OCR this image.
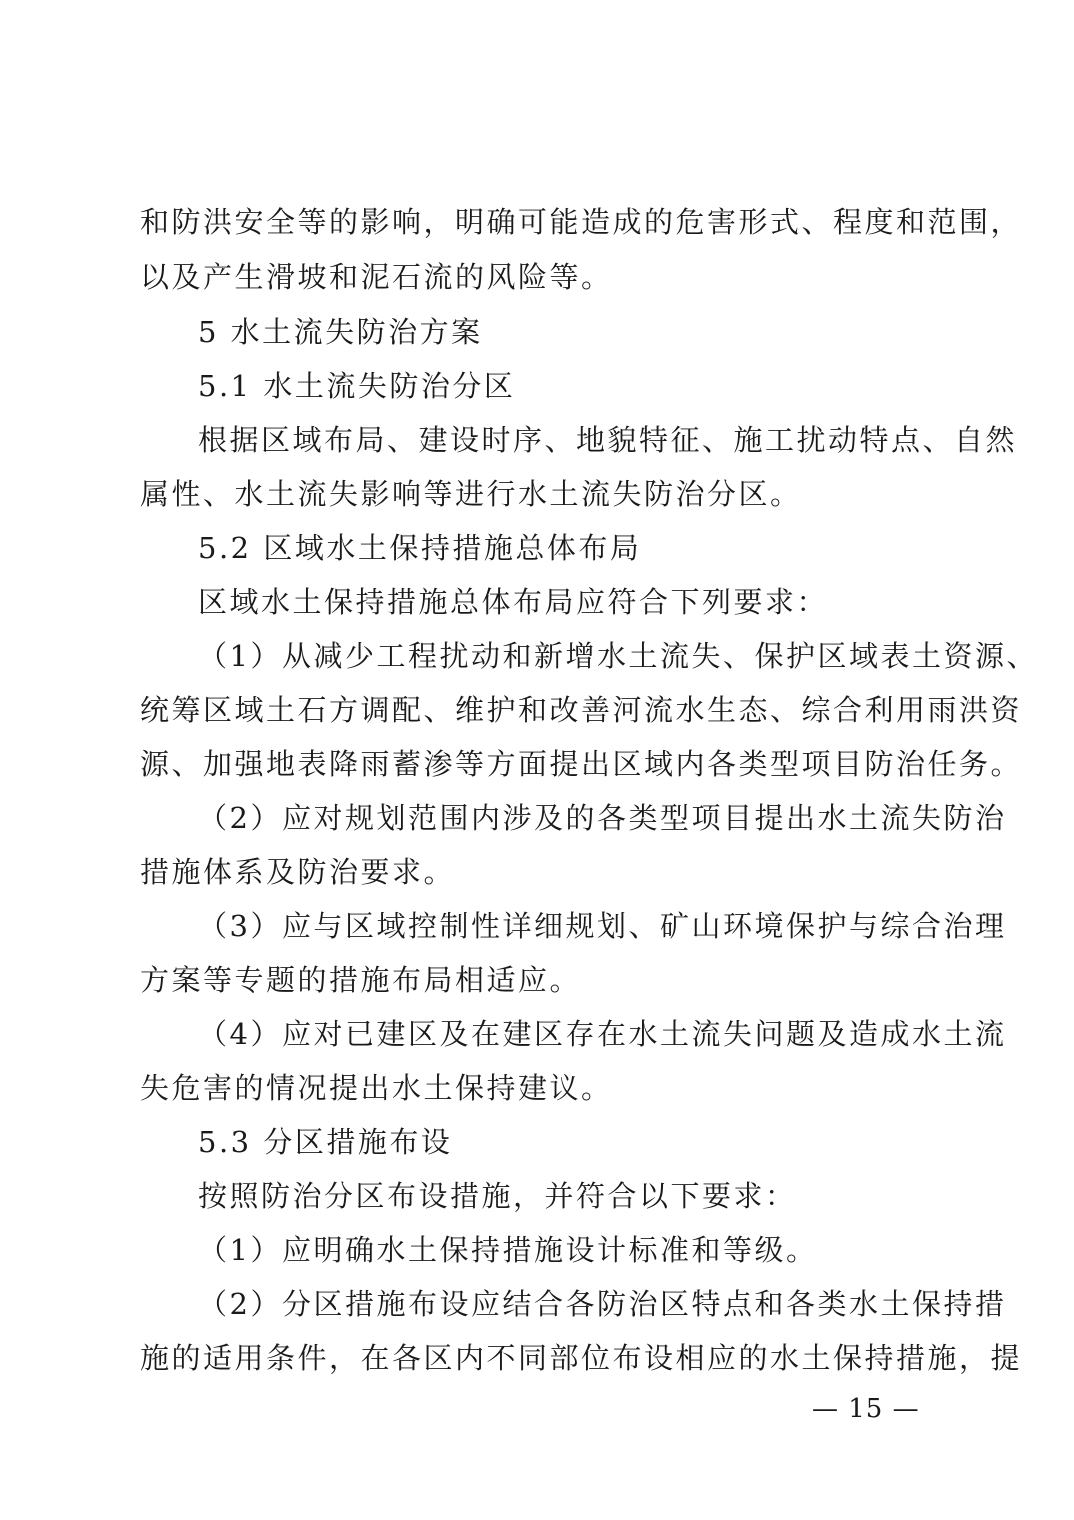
和防洪安全等的影响，明确可能造成的危害形式、程度和范围，
以及产生滑坡和泥石流的风险等。
5 水土流失防治方案
5.1 水土流失防治分区
根据区域布局、建设时序、地貌特征、施工扰动特点、自然
属性、水土流失影响等进行水土流失防治分区。
5.2 区域水土保持措施总体布局
区域水土保持措施总体布局应符合下列要求：
（1）从减少工程扰动和新增水土流失、保护区域表土资源、
统筹区域土石方调配、维护和改善河流水生态、综合利用雨洪资
源、加强地表降雨蓄渗等方面提出区域内各类型项目防治任务。
（2）应对规划范围内涉及的各类型项目提出水土流失防治
措施体系及防治要求。
（3）应与区域控制性详细规划、矿山环境保护与综合治理
方案等专题的措施布局相适应。
（4）应对已建区及在建区存在水土流失问题及造成水土流
失危害的情况提出水土保持建议。
5.3 分区措施布设
按照防治分区布设措施，并符合以下要求：
（1）应明确水土保持措施设计标准和等级。
（2）分区措施布设应结合各防治区特点和各类水土保持措
施的适用条件，在各区内不同部位布设相应的水土保持措施，提
— 15 —
